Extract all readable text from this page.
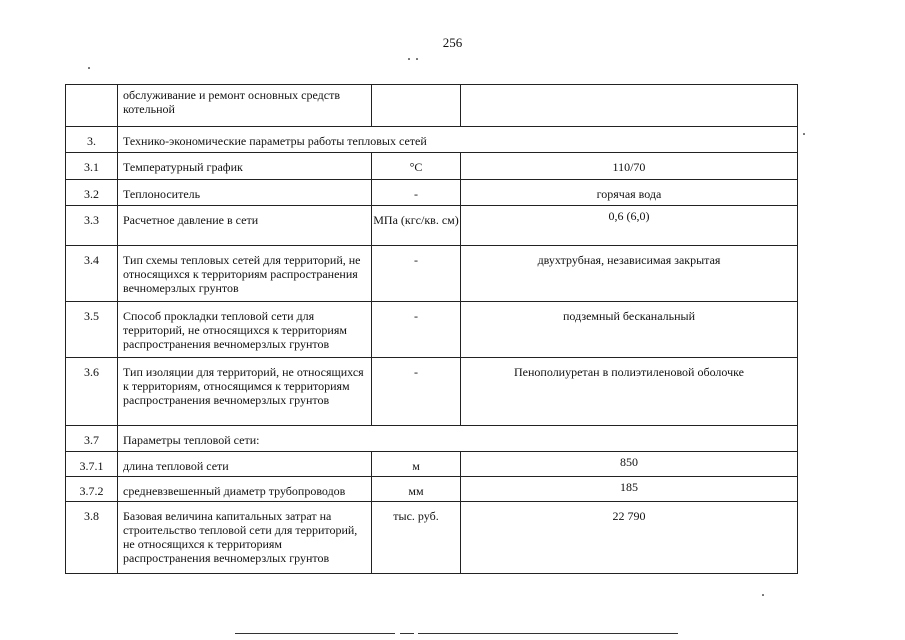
256
	обслуживание и ремонт основных средств котельной		
3.	Технико-экономические параметры работы тепловых сетей		
3.1	Температурный график	°С	110/70
3.2	Теплоноситель	-	горячая вода
3.3	Расчетное давление в сети	МПа (кгс/кв. см)	0,6 (6,0)
3.4	Тип схемы тепловых сетей для территорий, не относящихся к территориям распространения вечномерзлых грунтов	-	двухтрубная, независимая закрытая
3.5	Способ прокладки тепловой сети для территорий, не относящихся к территориям распространения вечномерзлых грунтов	-	подземный бесканальный
3.6	Тип изоляции для территорий, не относящихся к территориям, относящимся к территориям распространения вечномерзлых грунтов	-	Пенополиуретан в полиэтиленовой оболочке
3.7	Параметры тепловой сети:		
3.7.1	длина тепловой сети	м	850
3.7.2	средневзвешенный диаметр трубопроводов	мм	185
3.8	Базовая величина капитальных затрат на строительство тепловой сети для территорий, не относящихся к территориям распространения вечномерзлых грунтов	тыс. руб.	22 790
